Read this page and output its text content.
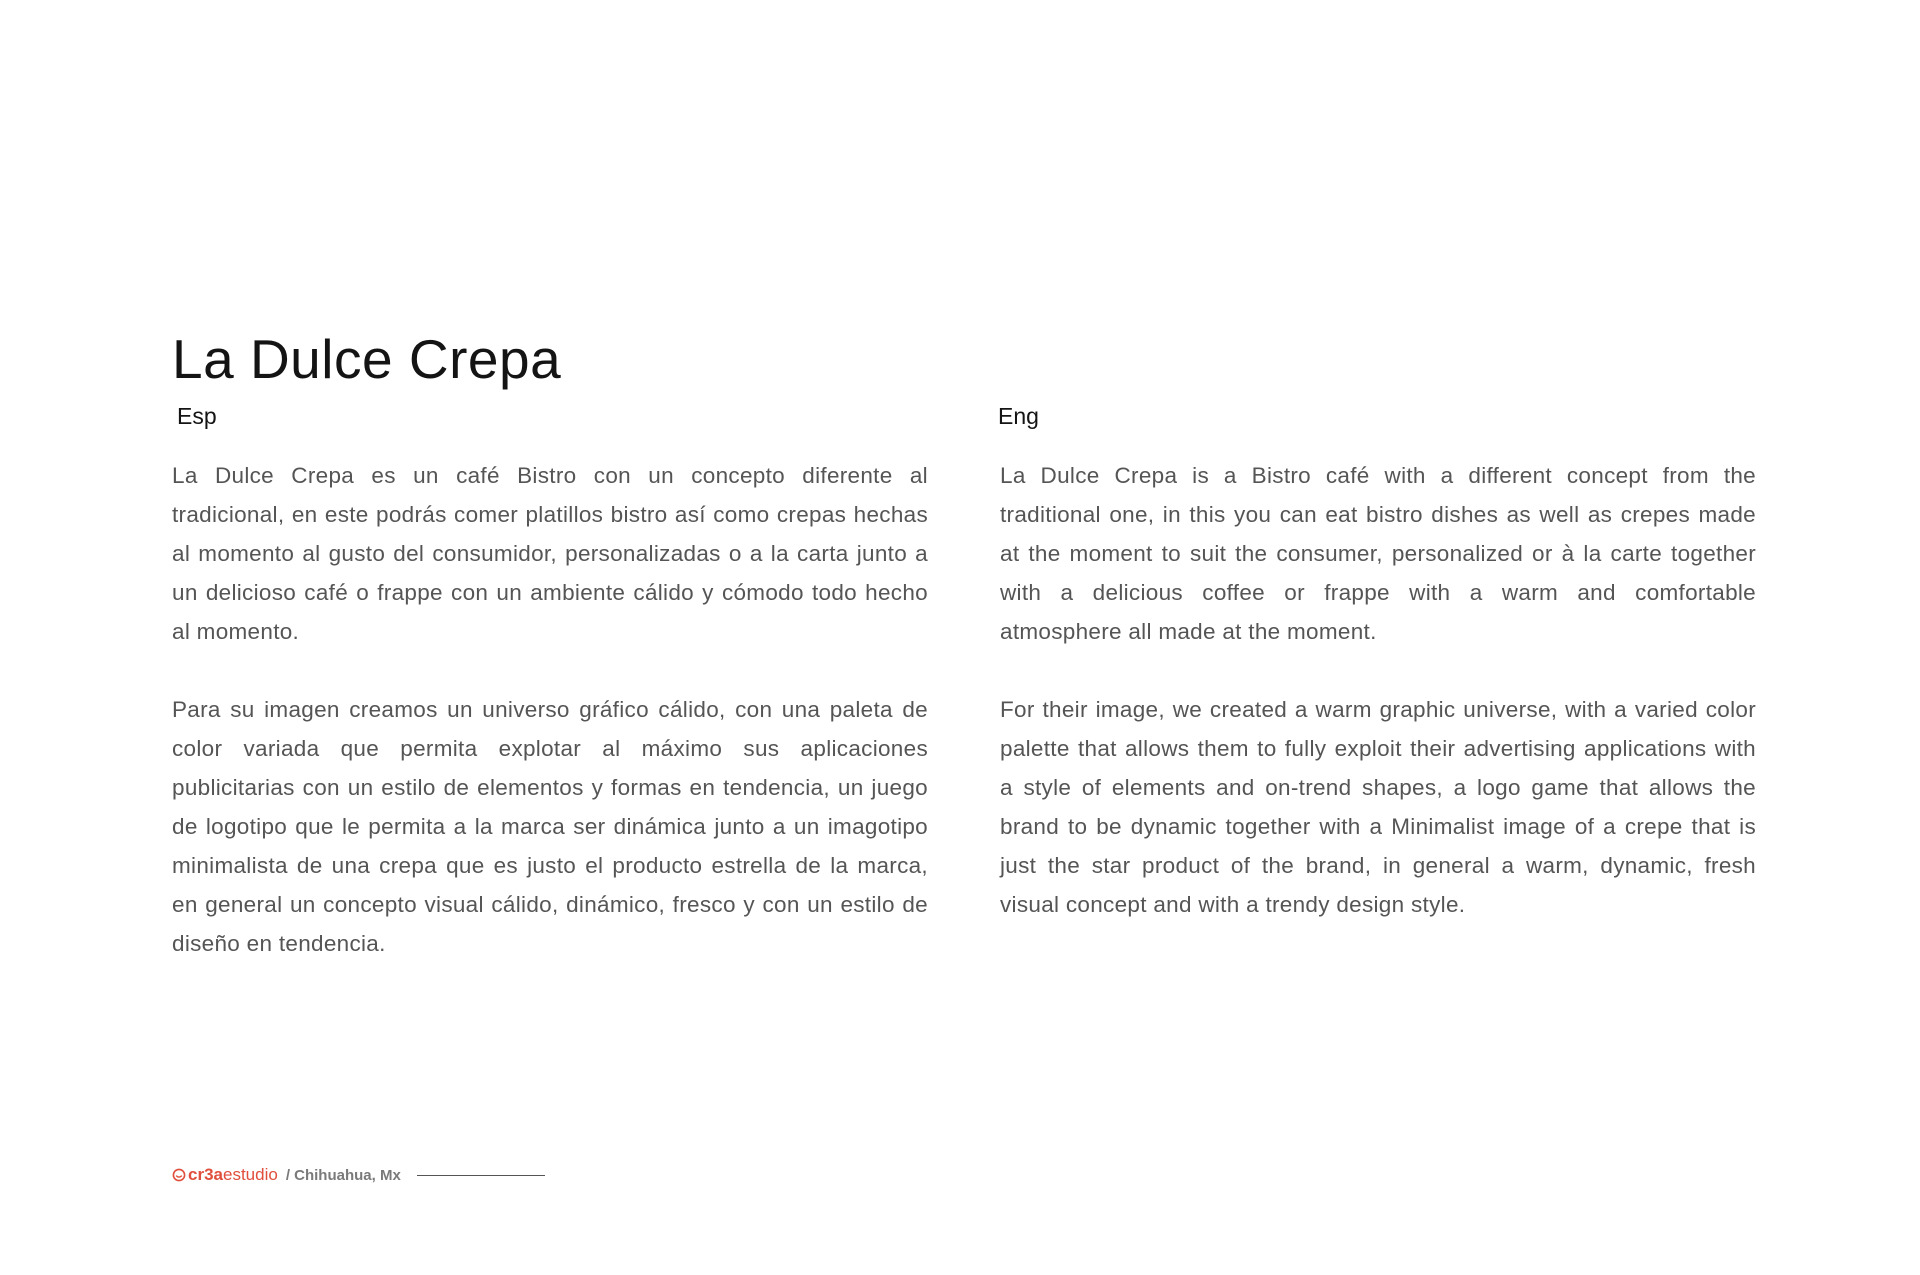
La Dulce Crepa
Esp

La Dulce Crepa es un café Bistro con un concepto diferente al tradicional, en este podrás comer platillos bistro así como crepas hechas al momento al gusto del consumidor, personalizadas o a la carta junto a un delicioso café o frappe con un ambiente cálido y cómodo todo hecho al momento.

Para su imagen creamos un universo gráfico cálido, con una paleta de color variada que permita explotar al máximo sus aplicaciones publicitarias con un estilo de elementos y formas en tendencia, un juego de logotipo que le permita a la marca ser dinámica junto a un imagotipo minimalista de una crepa que es justo el producto estrella de la marca, en general un concepto visual cálido, dinámico, fresco y con un estilo de diseño en tendencia.

Eng

La Dulce Crepa is a Bistro café with a different concept from the traditional one, in this you can eat bistro dishes as well as crepes made at the moment to suit the consumer, personalized or à la carte together with a delicious coffee or frappe with a warm and comfortable atmosphere all made at the moment.

For their image, we created a warm graphic universe, with a varied color palette that allows them to fully exploit their advertising applications with a style of elements and on-trend shapes, a logo game that allows the brand to be dynamic together with a Minimalist image of a crepe that is just the star product of the brand, in general a warm, dynamic, fresh visual concept and with a trendy design style.

cr3a estudio / Chihuahua, Mx
